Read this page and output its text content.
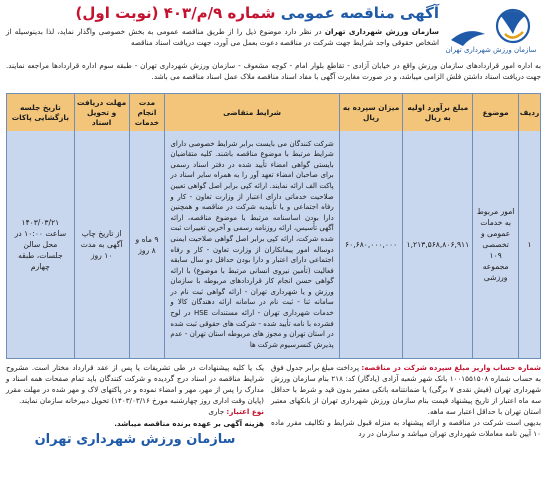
سازمان ورزش شهرداری تهران
آگهی مناقصه عمومی شماره ۹/م/۴۰۳ (نوبت اول)
سازمان ورزش شهرداری تهران در نظر دارد موضوع ذیل را از طریق مناقصه عمومی به بخش خصوصی واگذار نماید، لذا بدینوسیله از اشخاص حقوقی واجد شرایط جهت شرکت در مناقصه دعوت بعمل می آورد، جهت دریافت اسناد مناقصه
به اداره امور قراردادهای سازمان ورزش واقع در خیابان آزادی - تقاطع بلوار امام - کوچه مشعوف - سازمان ورزش شهرداری تهران - طبقه سوم اداره قراردادها مراجعه نمایند. جهت دریافت اسناد داشتن فلش الزامی میباشد، و در صورت مغایرت آگهی با مفاد اسناد مناقصه ملاک عمل اسناد مناقصه می باشد.
ردیف
موضوع
مبلغ برآورد اولیه به ریال
میزان سپرده به ریال
شرایط متقاضی
مدت انجام خدمات
مهلت دریافت و تحویل اسناد
تاریخ جلسه بازگشایی پاکات
۱
امور مربوط به خدمات عمومی و تخصصی ۱۰۹ مجموعه ورزشی
۱,۲۱۳,۵۶۸,۸۰۶,۹۱۱
۶۰,۶۸۰,۰۰۰,۰۰۰
شرکت کنندگان می بایست برابر شرایط خصوصی دارای شرایط مرتبط با موضوع مناقصه باشند. کلیه متقاضیان بایستی گواهی امضاء تأیید شده در دفتر اسناد رسمی برای صاحبان امضاء تعهد آور را به همراه سایر اسناد در پاکت الف ارائه نمایند. ارائه کپی برابر اصل گواهی تعیین صلاحیت خدماتی دارای اعتبار از وزارت تعاون - کار و رفاه اجتماعی و یا تأییدیه شرکت در مناقصه و همچنین دارا بودن اساسنامه مرتبط با موضوع مناقصه، ارائه آگهی تأسیس، ارائه روزنامه رسمی و آخرین تغییرات ثبت شده شرکت، ارائه کپی برابر اصل گواهی صلاحیت ایمنی دوساله امور پیمانکاران از وزارت تعاون - کار و رفاه اجتماعی دارای اعتبار و دارا بودن حداقل دو سال سابقه فعالیت (تأمین نیروی انسانی مرتبط با موضوع) با ارائه گواهی حسن انجام کار قراردادهای مربوطه با سازمان ورزش و یا شهرداری تهران - ارائه گواهی ثبت نام در سامانه ثنا - ثبت نام در سامانه ارائه دهندگان کالا و خدمات شهرداری تهران - ارائه مستندات HSE در لوح فشرده با نامه تأیید شده - شرکت های حقوقی ثبت شده در استان تهران و مجوز های مربوطه استان تهران - عدم پذیرش کنسرسیوم شرکت ها
۹ ماه و ۸ روز
از تاریخ چاپ آگهی به مدت ۱۰ روز
۱۴۰۳/۰۳/۲۱ ساعت ۱۰:۰۰ در محل سالن جلسات، طبقه چهارم
شماره حساب واریز مبلغ سپرده شرکت در مناقصه: پرداخت مبلغ برابر جدول فوق به حساب شماره ۱۰۰۱۵۵۱۵۰۸ بانک شهر شعبه آزادی (یادگار) کد: ۲۱۸ بنام سازمان ورزش شهرداری تهران (فیش نقدی ۷ برگی) یا ضمانتنامه بانکی معتبر بدون قید و شرط با حداقل سه ماه اعتبار از تاریخ پیشنهاد قیمت بنام سازمان ورزش شهرداری تهران از بانکهای معتبر استان تهران با حداقل اعتبار سه ماهه.
بدیهی است شرکت در مناقصه و ارائه پیشنهاد به منزله قبول شرایط و تکالیف مقرر ماده ۱۰ آیین نامه معاملات شهرداری تهران میباشد و سازمان در رد
یک یا کلیه پیشنهادات در طی تشریفات یا پس از عقد قرارداد مختار است. مشروح شرایط مناقصه در اسناد درج گردیده و شرکت کنندگان باید تمام صفحات همه اسناد و مدارک را پس از مهر، مهر و امضاء نموده و در پاکتهای لاک و مهر شده در مهلت مقرر (پایان وقت اداری روز چهارشنبه مورخ ۱۴۰۳/۰۳/۱۶) تحویل دبیرخانه سازمان نمایند.
نوع اعتبار: جاری
هزینه آگهی بر عهده برنده مناقصه میباشد.
سازمان ورزش شهرداری تهران
